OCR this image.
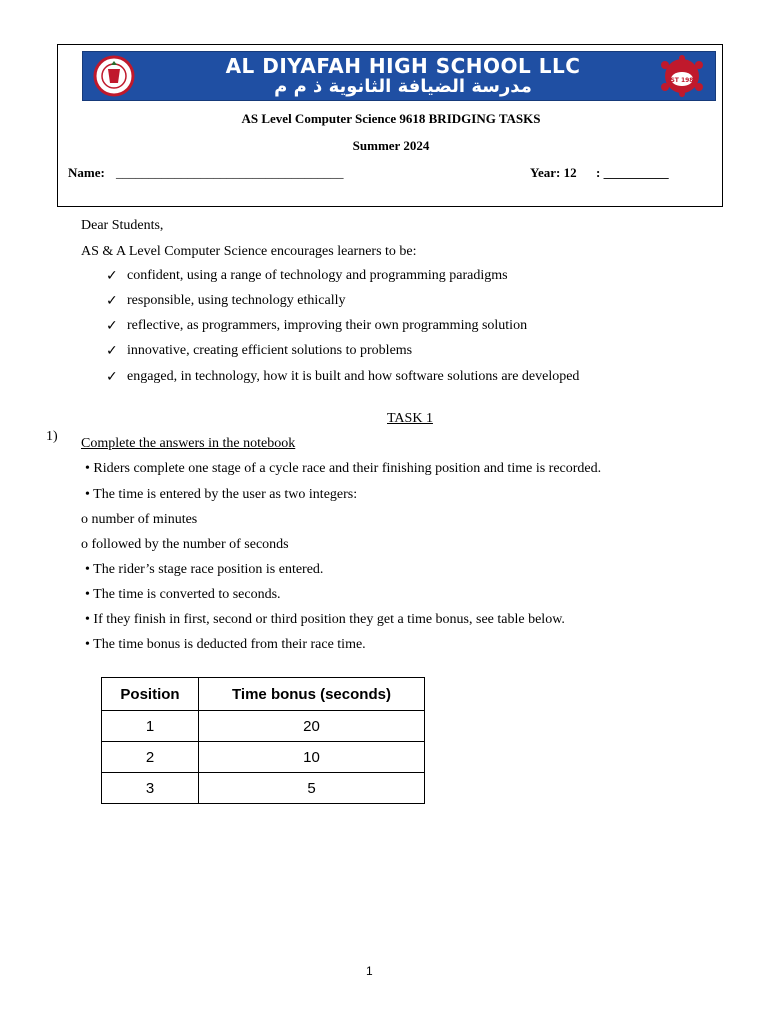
AL DIYAFAH HIGH SCHOOL LLC
مدرسة الضيافة الثانوية ذ م م	EST 1982
AS Level Computer Science 9618 BRIDGING TASKS
Summer 2024
Name: ___________________________________	Year: 12 : __________
Dear Students,
AS & A Level Computer Science encourages learners to be:
✓ confident, using a range of technology and programming paradigms
✓ responsible, using technology ethically
✓ reflective, as programmers, improving their own programming solution
✓ innovative, creating efficient solutions to problems
✓ engaged, in technology, how it is built and how software solutions are developed
TASK 1
1) Complete the answers in the notebook
• Riders complete one stage of a cycle race and their finishing position and time is recorded.
• The time is entered by the user as two integers:
o number of minutes
o followed by the number of seconds
• The rider’s stage race position is entered.
• The time is converted to seconds.
• If they finish in first, second or third position they get a time bonus, see table below.
• The time bonus is deducted from their race time.
Position	Time bonus (seconds)
1	20
2	10
3	5
1
